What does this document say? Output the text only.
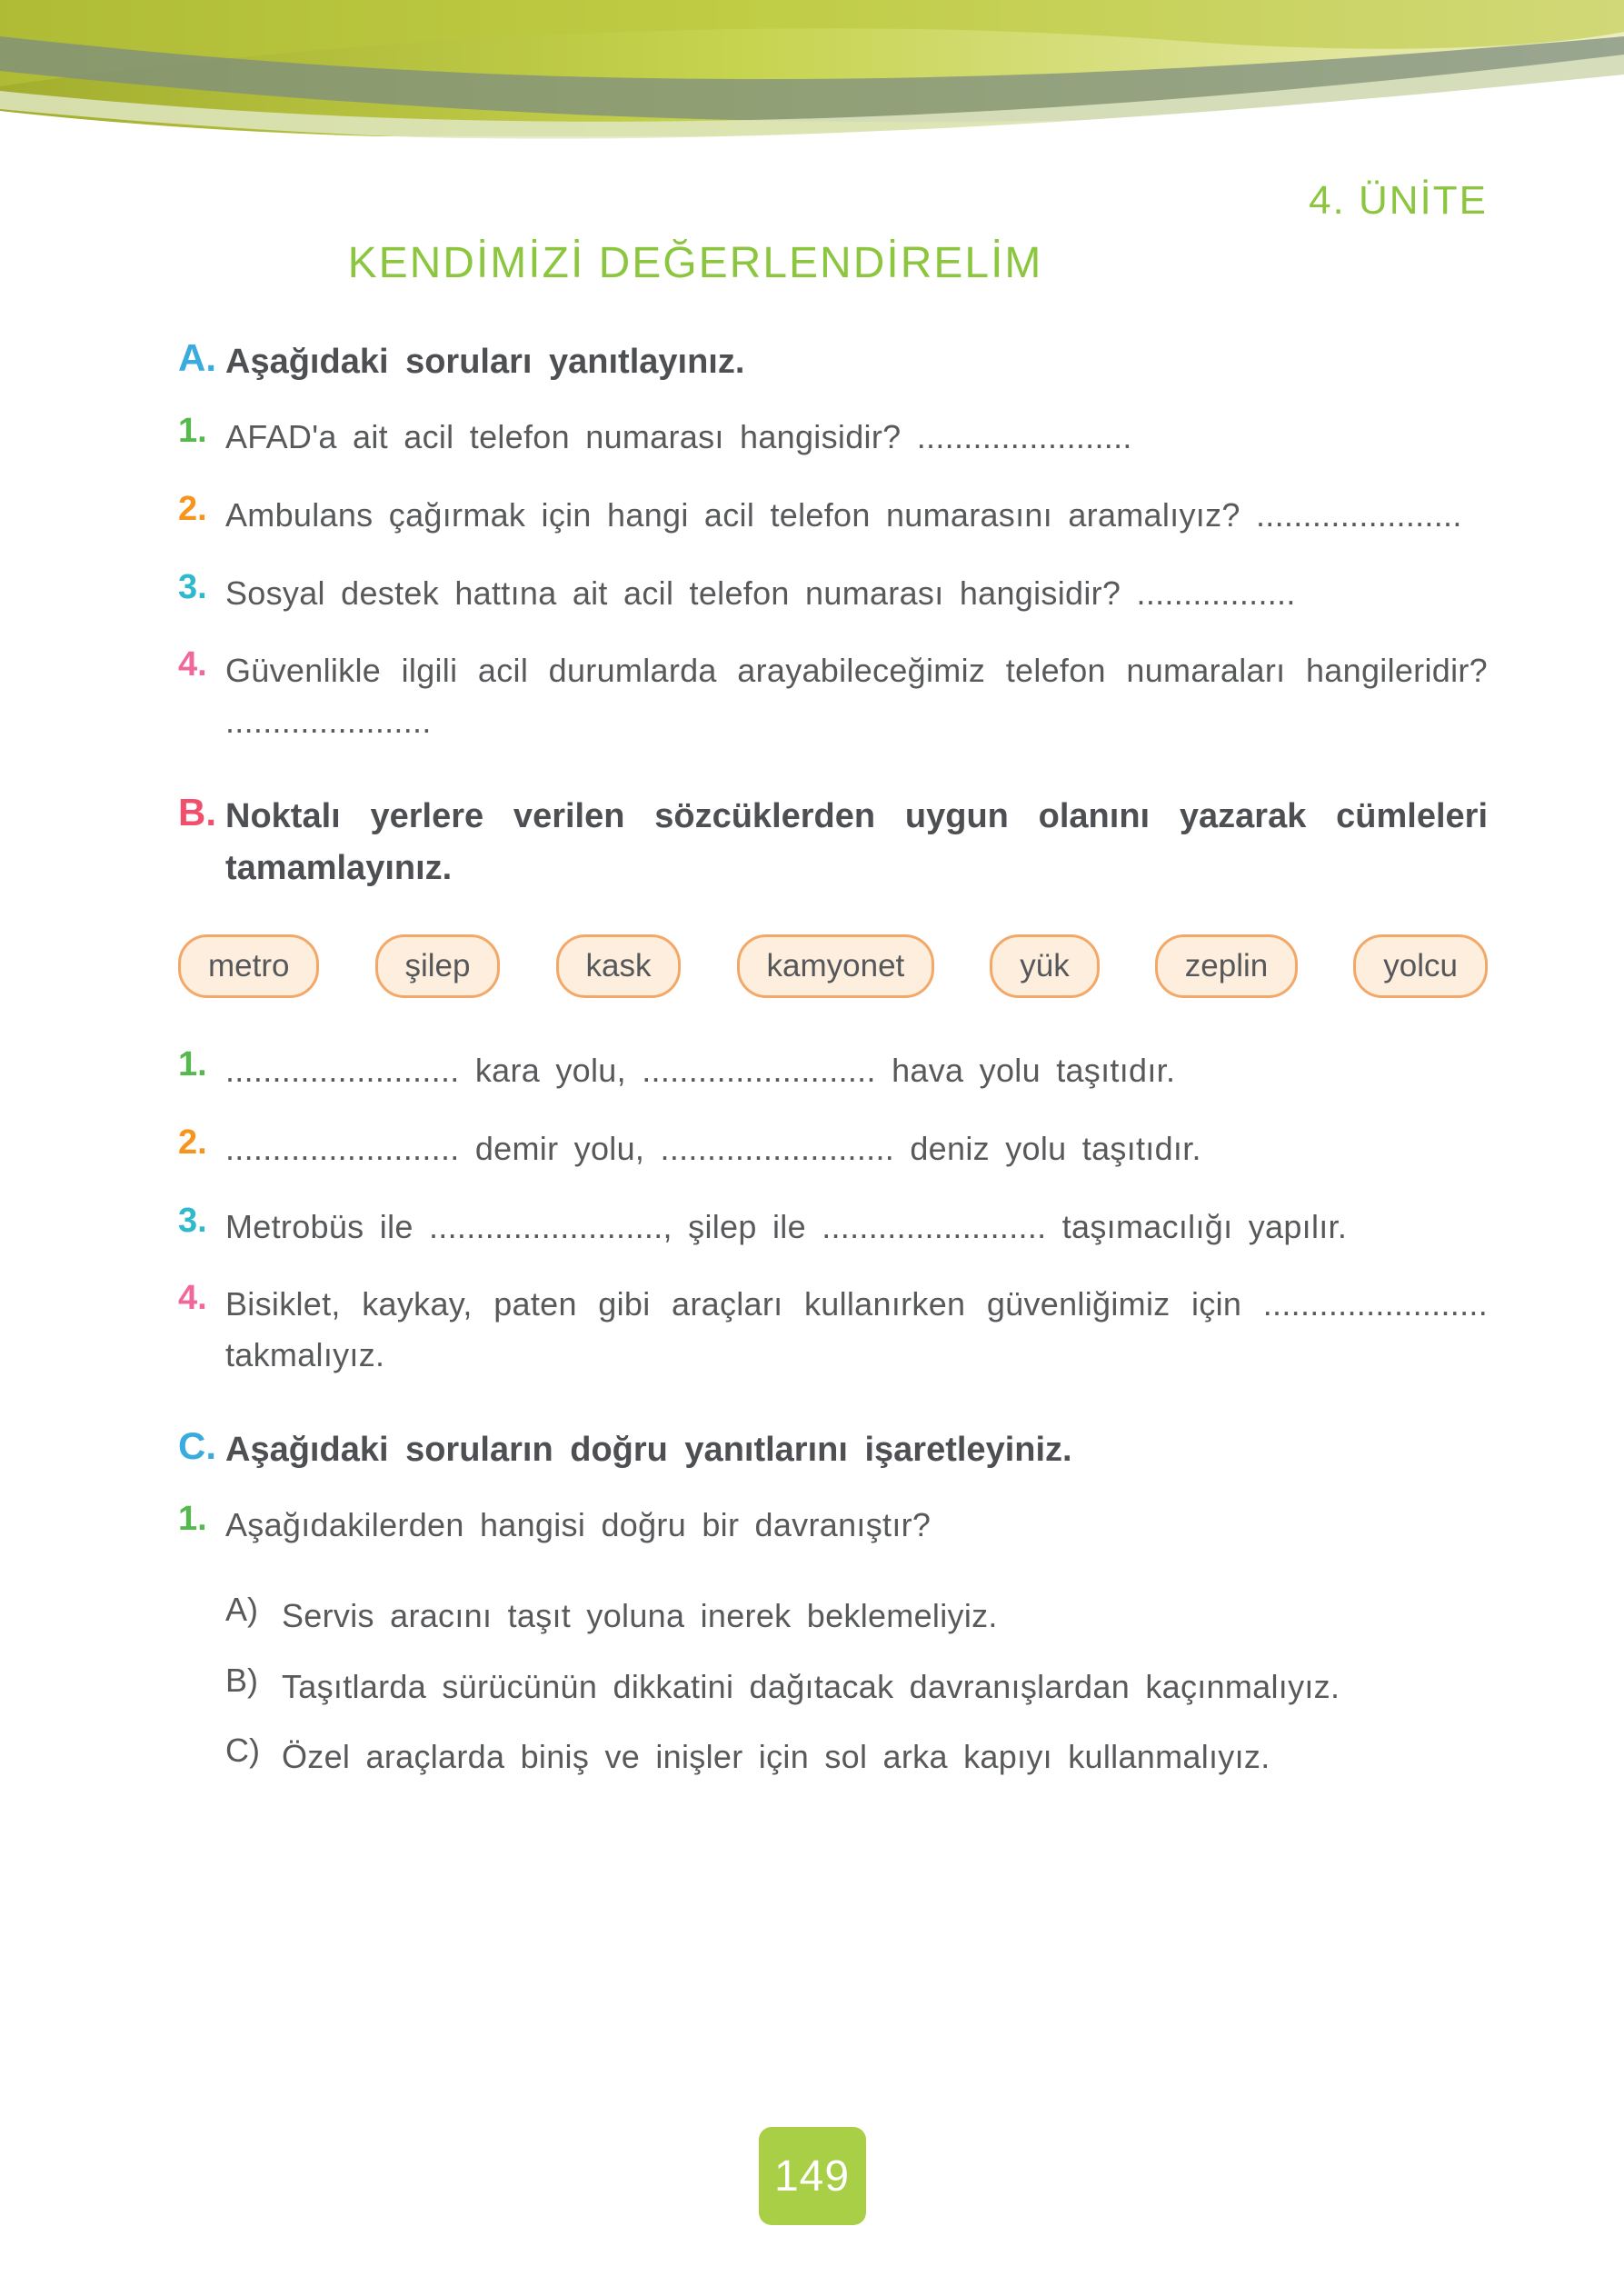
4. ÜNİTE
KENDİMİZİ DEĞERLENDİRELİM
A. Aşağıdaki soruları yanıtlayınız.
1. AFAD'a ait acil telefon numarası hangisidir? .......................
2. Ambulans çağırmak için hangi acil telefon numarasını aramalıyız? ......................
3. Sosyal destek hattına ait acil telefon numarası hangisidir? .................
4. Güvenlikle ilgili acil durumlarda arayabileceğimiz telefon numaraları hangileridir? ......................
B. Noktalı yerlere verilen sözcüklerden uygun olanını yazarak cümleleri tamamlayınız.
metro	şilep	kask	kamyonet	yük	zeplin	yolcu
1. ......................... kara yolu, ......................... hava yolu taşıtıdır.
2. ......................... demir yolu, ......................... deniz yolu taşıtıdır.
3. Metrobüs ile ........................., şilep ile ........................ taşımacılığı yapılır.
4. Bisiklet, kaykay, paten gibi araçları kullanırken güvenliğimiz için ........................ takmalıyız.
C. Aşağıdaki soruların doğru yanıtlarını işaretleyiniz.
1. Aşağıdakilerden hangisi doğru bir davranıştır?
A) Servis aracını taşıt yoluna inerek beklemeliyiz.
B) Taşıtlarda sürücünün dikkatini dağıtacak davranışlardan kaçınmalıyız.
C) Özel araçlarda biniş ve inişler için sol arka kapıyı kullanmalıyız.
149
